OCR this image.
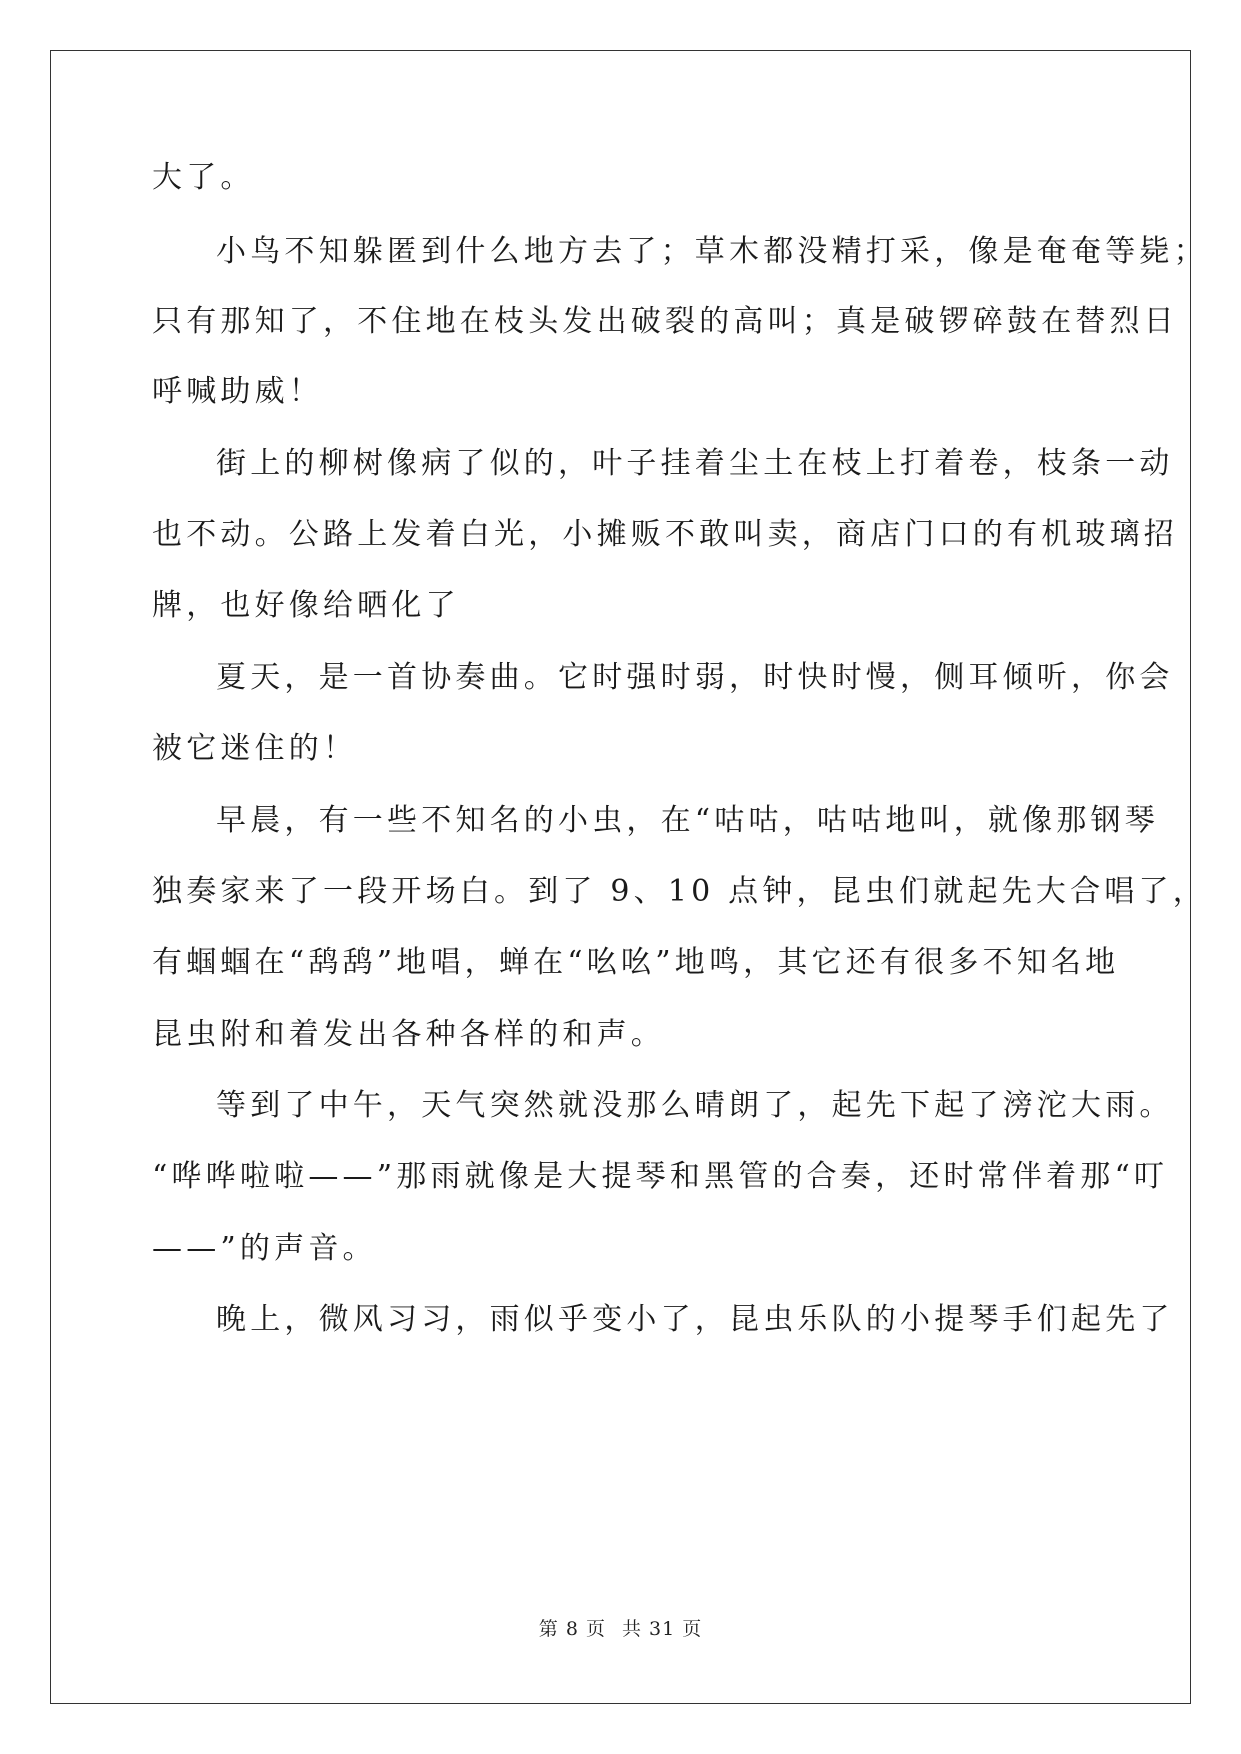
大了。
小鸟不知躲匿到什么地方去了；草木都没精打采，像是奄奄等毙；
只有那知了，不住地在枝头发出破裂的高叫；真是破锣碎鼓在替烈日
呼喊助威！
街上的柳树像病了似的，叶子挂着尘土在枝上打着卷，枝条一动
也不动。公路上发着白光，小摊贩不敢叫卖，商店门口的有机玻璃招
牌，也好像给晒化了
夏天，是一首协奏曲。它时强时弱，时快时慢，侧耳倾听，你会
被它迷住的！
早晨，有一些不知名的小虫，在“咕咕，咕咕地叫，就像那钢琴
独奏家来了一段开场白。到了 9、10 点钟，昆虫们就起先大合唱了，
有蝈蝈在“鸹鸹”地唱，蝉在“吆吆”地鸣，其它还有很多不知名地
昆虫附和着发出各种各样的和声。
等到了中午，天气突然就没那么晴朗了，起先下起了滂沱大雨。
“哗哗啦啦——”那雨就像是大提琴和黑管的合奏，还时常伴着那“叮
——”的声音。
晚上，微风习习，雨似乎变小了，昆虫乐队的小提琴手们起先了
第 8 页 共 31 页
